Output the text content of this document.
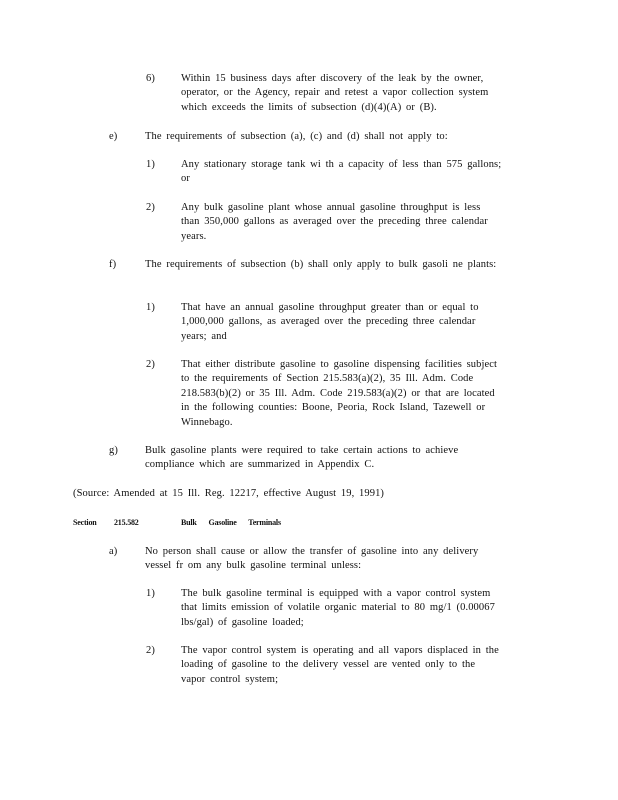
6)	Within 15 business days after discovery of the leak by the owner, operator, or the Agency, repair and retest a vapor collection system which exceeds the limits of subsection (d)(4)(A) or (B).
e)	The requirements of subsection (a), (c) and (d) shall not apply to:
1)	Any stationary storage tank wi th a capacity of less than 575 gallons; or
2)	Any bulk gasoline plant whose annual gasoline throughput is less than 350,000 gallons as averaged over the preceding three calendar years.
f)	The requirements of subsection (b) shall only apply to bulk gasoli ne plants:
1)	That have an annual gasoline throughput greater than or equal to 1,000,000 gallons, as averaged over the preceding three calendar years; and
2)	That either distribute gasoline to gasoline dispensing facilities subject to the requirements of Section 215.583(a)(2), 35 Ill. Adm. Code 218.583(b)(2) or 35 Ill. Adm. Code 219.583(a)(2) or that are located in the following counties: Boone, Peoria, Rock Island, Tazewell or Winnebago.
g)	Bulk gasoline plants were required to take certain actions to achieve compliance which are summarized in Appendix C.
(Source: Amended at 15 Ill. Reg. 12217, effective August 19, 1991)
Section 215.582	Bulk Gasoline Terminals
a)	No person shall cause or allow the transfer of gasoline into any delivery vessel fr om any bulk gasoline terminal unless:
1)	The bulk gasoline terminal is equipped with a vapor control system that limits emission of volatile organic material to 80 mg/1 (0.00067 lbs/gal) of gasoline loaded;
2)	The vapor control system is operating and all vapors displaced in the loading of gasoline to the delivery vessel are vented only to the vapor control system;
